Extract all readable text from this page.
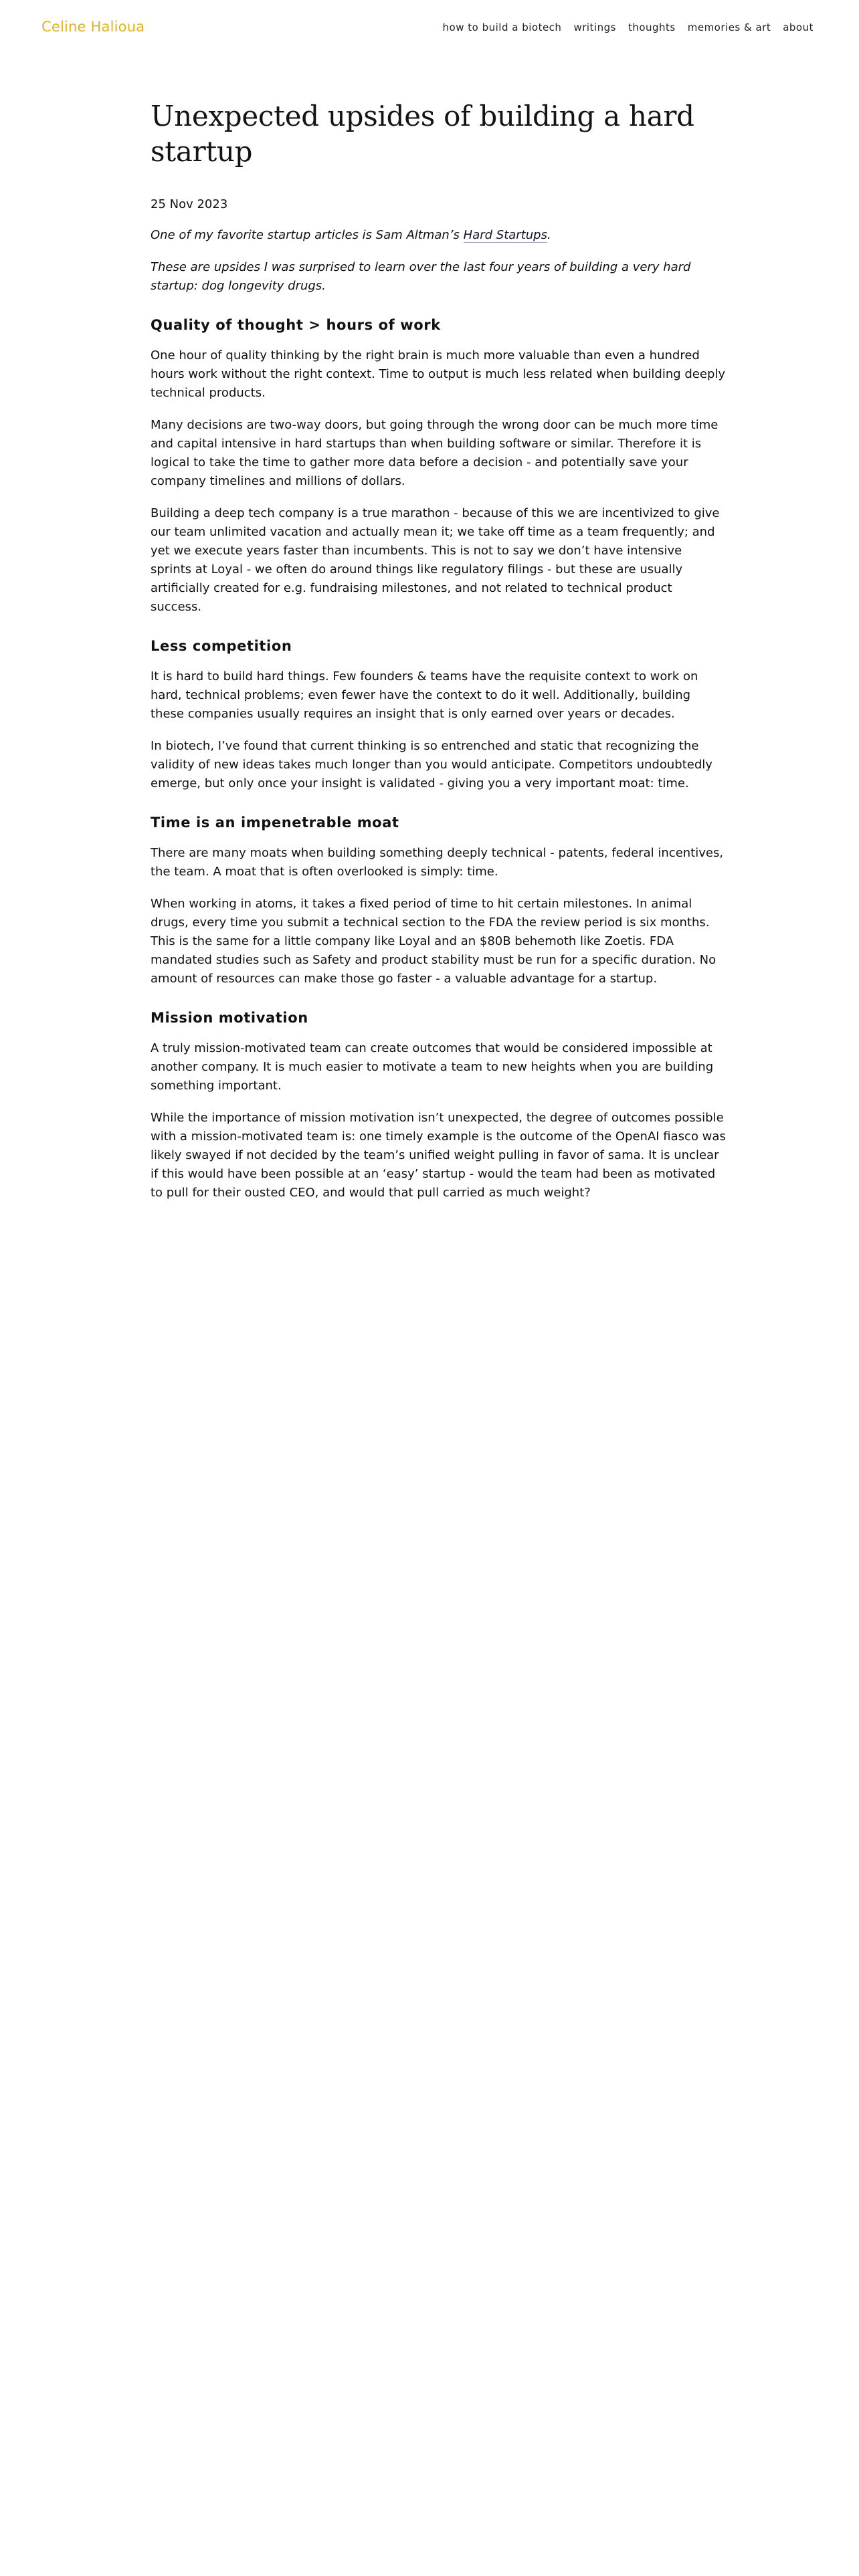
Celine Halioua	how to build a biotech writings thoughts memories & art about
Unexpected upsides of building a hard startup
25 Nov 2023

One of my favorite startup articles is Sam Altman’s Hard Startups.

These are upsides I was surprised to learn over the last four years of building a very hard startup: dog longevity drugs.

Quality of thought > hours of work

One hour of quality thinking by the right brain is much more valuable than even a hundred hours work without the right context. Time to output is much less related when building deeply technical products.

Many decisions are two-way doors, but going through the wrong door can be much more time and capital intensive in hard startups than when building software or similar. Therefore it is logical to take the time to gather more data before a decision - and potentially save your company timelines and millions of dollars.

Building a deep tech company is a true marathon - because of this we are incentivized to give our team unlimited vacation and actually mean it; we take off time as a team frequently; and yet we execute years faster than incumbents. This is not to say we don’t have intensive sprints at Loyal - we often do around things like regulatory filings - but these are usually artificially created for e.g. fundraising milestones, and not related to technical product success.

Less competition

It is hard to build hard things. Few founders & teams have the requisite context to work on hard, technical problems; even fewer have the context to do it well. Additionally, building these companies usually requires an insight that is only earned over years or decades.

In biotech, I’ve found that current thinking is so entrenched and static that recognizing the validity of new ideas takes much longer than you would anticipate. Competitors undoubtedly emerge, but only once your insight is validated - giving you a very important moat: time.

Time is an impenetrable moat

There are many moats when building something deeply technical - patents, federal incentives, the team. A moat that is often overlooked is simply: time.

When working in atoms, it takes a fixed period of time to hit certain milestones. In animal drugs, every time you submit a technical section to the FDA the review period is six months. This is the same for a little company like Loyal and an $80B behemoth like Zoetis. FDA mandated studies such as Safety and product stability must be run for a specific duration. No amount of resources can make those go faster - a valuable advantage for a startup.

Mission motivation

A truly mission-motivated team can create outcomes that would be considered impossible at another company. It is much easier to motivate a team to new heights when you are building something important.

While the importance of mission motivation isn’t unexpected, the degree of outcomes possible with a mission-motivated team is: one timely example is the outcome of the OpenAI fiasco was likely swayed if not decided by the team’s unified weight pulling in favor of sama. It is unclear if this would have been possible at an ‘easy’ startup - would the team had been as motivated to pull for their ousted CEO, and would that pull carried as much weight?
